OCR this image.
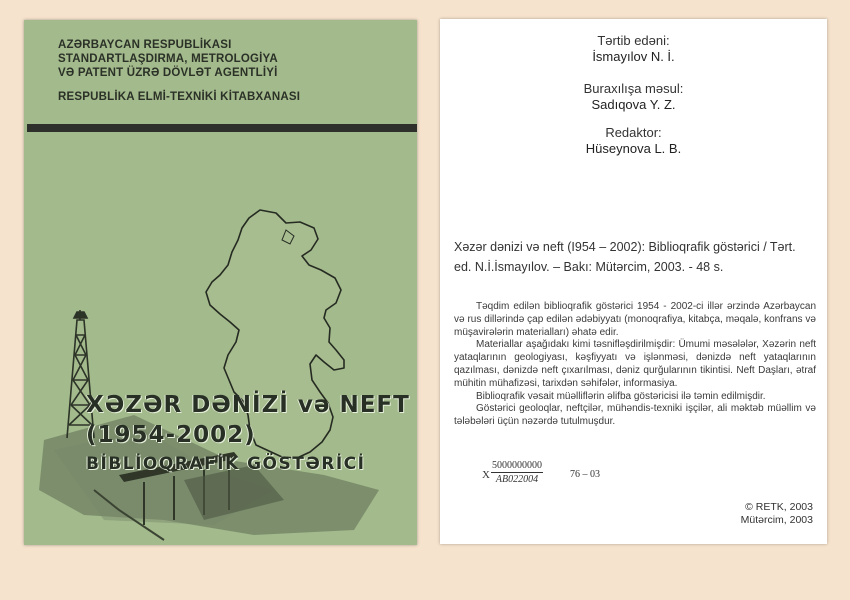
AZƏRBAYCAN RESPUBLİKASI
STANDARTLAŞDIRMA, METROLOGİYA
VƏ PATENT ÜZRƏ DÖVLƏT AGENTLİYİ
RESPUBLİKA ELMİ-TEXNİKİ KİTABXANASI
XƏZƏR DƏNİZİ və NEFT
(1954-2002)
BİBLİOQRAFİK GÖSTƏRİCİ
Tərtib edəni:
İsmayılov N. İ.
Buraxılışa məsul:
Sadıqova Y. Z.
Redaktor:
Hüseynova L. B.
Xəzər dənizi və neft (I954 – 2002): Biblioqrafik göstərici / Tərt. ed. N.İ.İsmayılov. – Bakı: Mütərcim, 2003. - 48 s.

Təqdim edilən biblioqrafik göstərici 1954 - 2002-ci illər ərzində Azərbaycan və rus dillərində çap edilən ədəbiyyatı (monoqrafiya, kitabça, məqalə, konfrans və müşavirələrin materialları) əhatə edir.

Materiallar aşağıdakı kimi təsnifləşdirilmişdir: Ümumi məsələlər, Xəzərin neft yataqlarının geologiyası, kəşfiyyatı və işlənməsi, dənizdə neft yataqlarının qazılması, dənizdə neft çıxarılması, dəniz qurğularının tikintisi. Neft Daşları, ətraf mühitin mühafizəsi, tarixdən səhifələr, informasiya.

Biblioqrafik vəsait müəlliflərin əlifba göstəricisi ilə təmin edilmişdir.

Göstərici geoloqlar, neftçilər, mühəndis-texniki işçilər, ali məktəb müəllim və tələbələri üçün nəzərdə tutulmuşdur.

X $\frac{5000000000}{AB022004}$	76 – 03
© RETK, 2003
Mütərcim, 2003
